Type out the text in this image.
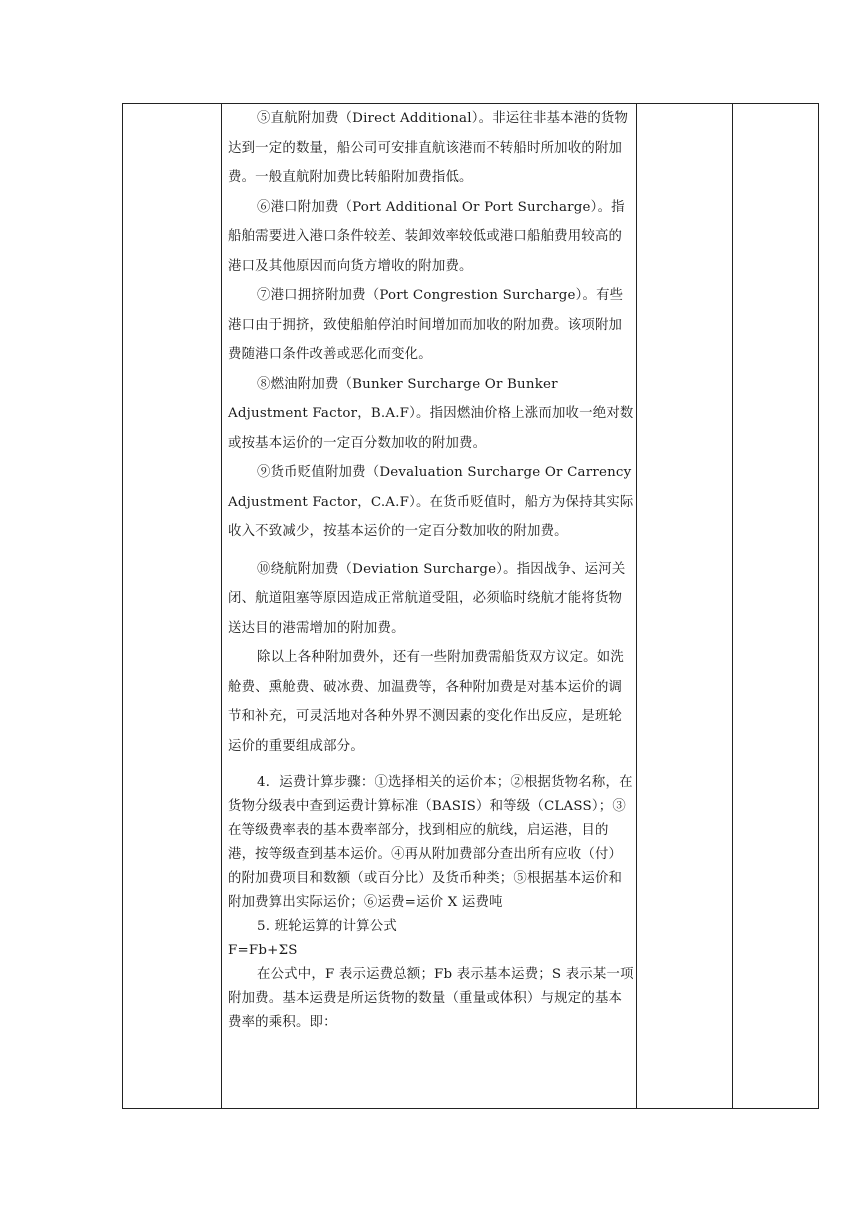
⑤直航附加费（Direct Additional）。非运往非基本港的货物达到一定的数量，船公司可安排直航该港而不转船时所加收的附加费。一般直航附加费比转船附加费指低。

⑥港口附加费（Port Additional Or Port Surcharge）。指船舶需要进入港口条件较差、装卸效率较低或港口船舶费用较高的港口及其他原因而向货方增收的附加费。

⑦港口拥挤附加费（Port Congrestion Surcharge）。有些港口由于拥挤，致使船舶停泊时间增加而加收的附加费。该项附加费随港口条件改善或恶化而变化。

⑧燃油附加费（Bunker Surcharge Or Bunker Adjustment Factor，B.A.F）。指因燃油价格上涨而加收一绝对数或按基本运价的一定百分数加收的附加费。

⑨货币贬值附加费（Devaluation Surcharge Or Carrency Adjustment Factor，C.A.F）。在货币贬值时，船方为保持其实际收入不致减少，按基本运价的一定百分数加收的附加费。

⑩绕航附加费（Deviation Surcharge）。指因战争、运河关闭、航道阻塞等原因造成正常航道受阻，必须临时绕航才能将货物送达目的港需增加的附加费。

除以上各种附加费外，还有一些附加费需船货双方议定。如洗舱费、熏舱费、破冰费、加温费等，各种附加费是对基本运价的调节和补充，可灵活地对各种外界不测因素的变化作出反应，是班轮运价的重要组成部分。

4．运费计算步骤：①选择相关的运价本；②根据货物名称，在货物分级表中查到运费计算标准（BASIS）和等级（CLASS）；③在等级费率表的基本费率部分，找到相应的航线，启运港，目的港，按等级查到基本运价。④再从附加费部分查出所有应收（付）的附加费项目和数额（或百分比）及货币种类；⑤根据基本运价和附加费算出实际运价；⑥运费=运价 X 运费吨

5. 班轮运算的计算公式

F=Fb+ΣS

在公式中，F 表示运费总额；Fb 表示基本运费；S 表示某一项附加费。基本运费是所运货物的数量（重量或体积）与规定的基本费率的乘积。即：
